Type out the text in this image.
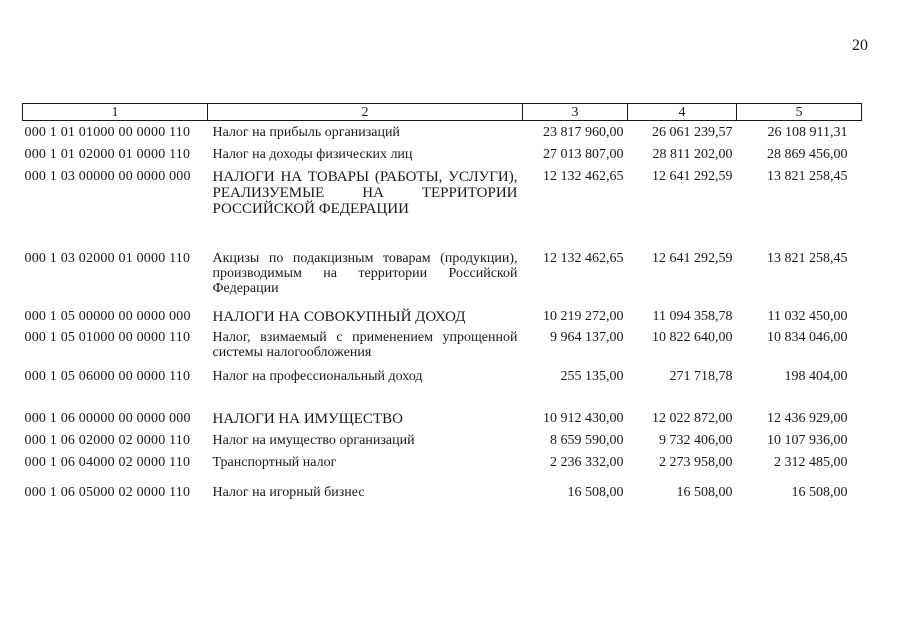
20
1	2	3	4	5
000 1 01 01000 00 0000 110	Налог на прибыль организаций	23 817 960,00	26 061 239,57	26 108 911,31
000 1 01 02000 01 0000 110	Налог на доходы физических лиц	27 013 807,00	28 811 202,00	28 869 456,00
000 1 03 00000 00 0000 000	НАЛОГИ НА ТОВАРЫ (РАБОТЫ, УСЛУГИ), РЕАЛИЗУЕМЫЕ НА ТЕРРИТОРИИ РОССИЙСКОЙ ФЕДЕРАЦИИ	12 132 462,65	12 641 292,59	13 821 258,45
000 1 03 02000 01 0000 110	Акцизы по подакцизным товарам (продукции), производимым на территории Российской Федерации	12 132 462,65	12 641 292,59	13 821 258,45
000 1 05 00000 00 0000 000	НАЛОГИ НА СОВОКУПНЫЙ ДОХОД	10 219 272,00	11 094 358,78	11 032 450,00
000 1 05 01000 00 0000 110	Налог, взимаемый с применением упрощенной системы налогообложения	9 964 137,00	10 822 640,00	10 834 046,00
000 1 05 06000 00 0000 110	Налог на профессиональный доход	255 135,00	271 718,78	198 404,00
000 1 06 00000 00 0000 000	НАЛОГИ НА ИМУЩЕСТВО	10 912 430,00	12 022 872,00	12 436 929,00
000 1 06 02000 02 0000 110	Налог на имущество организаций	8 659 590,00	9 732 406,00	10 107 936,00
000 1 06 04000 02 0000 110	Транспортный налог	2 236 332,00	2 273 958,00	2 312 485,00
000 1 06 05000 02 0000 110	Налог на игорный бизнес	16 508,00	16 508,00	16 508,00
